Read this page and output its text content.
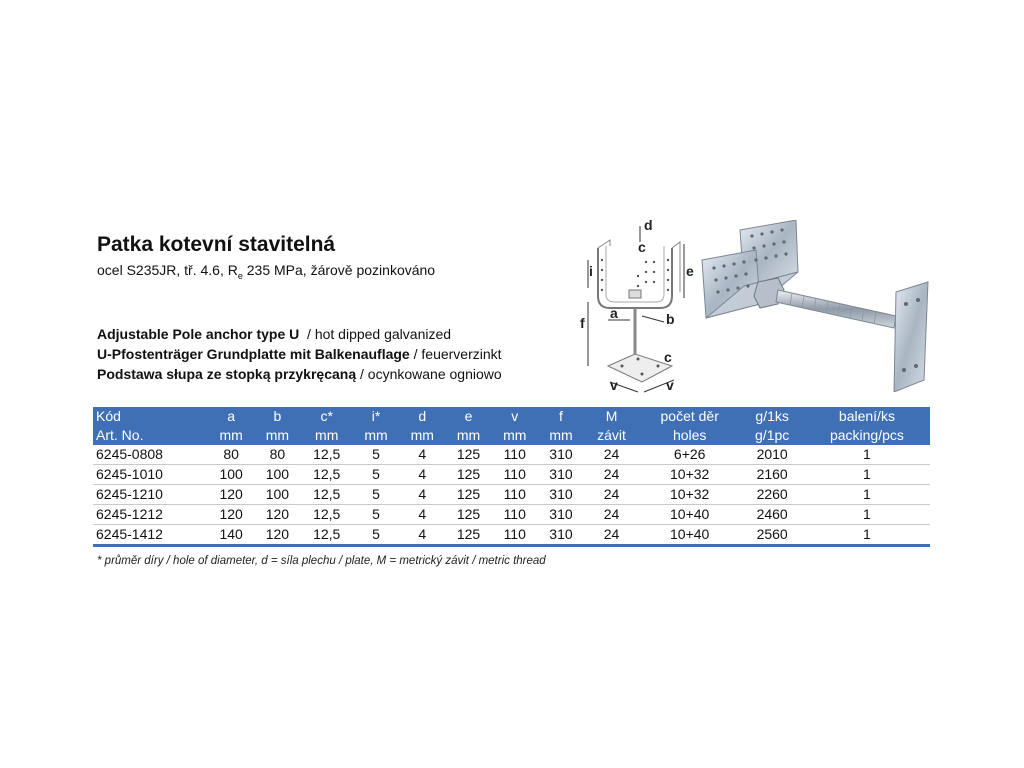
Patka kotevní stavitelná
ocel S235JR, tř. 4.6, $R_e$ 235 MPa, žárově pozinkováno
Adjustable Pole anchor type U  / hot dipped galvanized
U-Pfostenträger Grundplatte mit Balkenauflage / feuerverzinkt
Podstawa słupa ze stopką przykręcaną / ocynkowane ogniowo
d
c
i	e
a	b
f
c
v	v
Kód	a	b	c*	i*	d	e	v	f	M	počet děr	g/1ks	balení/ks
Art. No.	mm	mm	mm	mm	mm	mm	mm	mm	závit	holes	g/1pc	packing/pcs
6245-0808	80	80	12,5	5	4	125	110	310	24	6+26	2010	1
6245-1010	100	100	12,5	5	4	125	110	310	24	10+32	2160	1
6245-1210	120	100	12,5	5	4	125	110	310	24	10+32	2260	1
6245-1212	120	120	12,5	5	4	125	110	310	24	10+40	2460	1
6245-1412	140	120	12,5	5	4	125	110	310	24	10+40	2560	1
* průměr díry / hole of diameter, d = síla plechu / plate, M = metrický závit / metric thread
